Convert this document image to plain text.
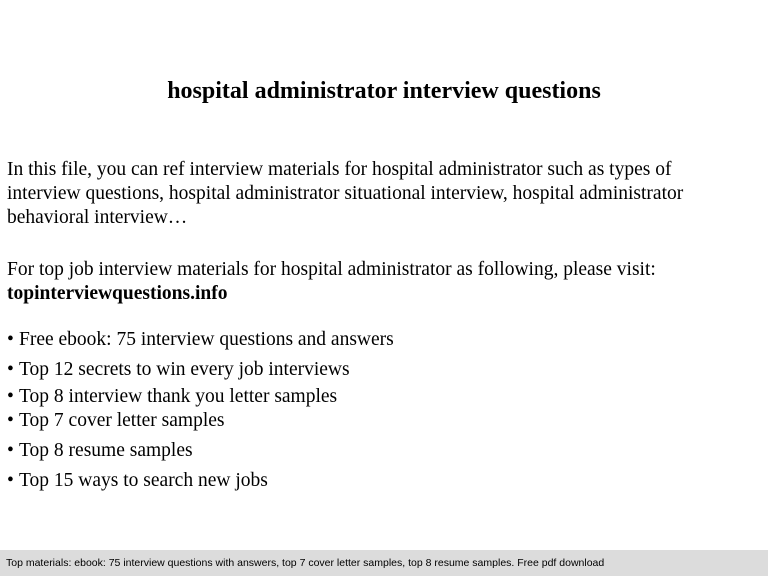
hospital administrator interview questions

In this file, you can ref interview materials for hospital administrator such as types of
interview questions, hospital administrator situational interview, hospital administrator
behavioral interview…

For top job interview materials for hospital administrator as following, please visit:
topinterviewquestions.info

• Free ebook: 75 interview questions and answers
• Top 12 secrets to win every job interviews
• Top 8 interview thank you letter samples
• Top 7 cover letter samples
• Top 8 resume samples
• Top 15 ways to search new jobs
Top materials: ebook: 75 interview questions with answers, top 7 cover letter samples, top 8 resume samples. Free pdf download
